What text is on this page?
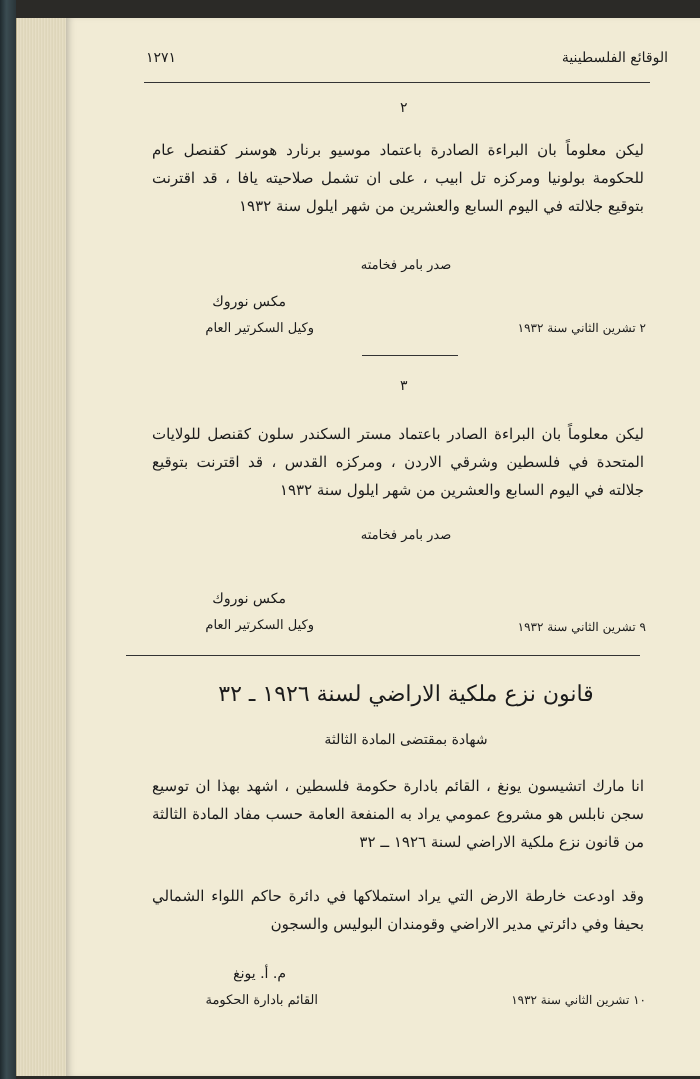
الوقائع الفلسطينية
١٢٧١
٢
ليكن معلوماً بان البراءة الصادرة باعتماد موسيو برنارد هوسنر كقنصل عام للحكومة بولونيا ومركزه تل ابيب ، على ان تشمل صلاحيته يافا ، قد اقترنت بتوقيع جلالته في اليوم السابع والعشرين من شهر ايلول سنة ١٩٣٢
صدر بامر فخامته
مكس نوروك
وكيل السكرتير العام	٢ تشرين الثاني سنة ١٩٣٢
٣
ليكن معلوماً بان البراءة الصادر باعتماد مستر السكندر سلون كقنصل للولايات المتحدة في فلسطين وشرقي الاردن ، ومركزه القدس ، قد اقترنت بتوقيع جلالته في اليوم السابع والعشرين من شهر ايلول سنة ١٩٣٢
صدر بامر فخامته
مكس نوروك
وكيل السكرتير العام	٩ تشرين الثاني سنة ١٩٣٢
قانون نزع ملكية الاراضي لسنة ١٩٢٦ ـ ٣٢
شهادة بمقتضى المادة الثالثة
انا مارك اتشيسون يونغ ، القائم بادارة حكومة فلسطين ، اشهد بهذا ان توسيع سجن نابلس هو مشروع عمومي يراد به المنفعة العامة حسب مفاد المادة الثالثة من قانون نزع ملكية الاراضي لسنة ١٩٢٦ ــ ٣٢
وقد اودعت خارطة الارض التي يراد استملاكها في دائرة حاكم اللواء الشمالي بحيفا وفي دائرتي مدير الاراضي وقومندان البوليس والسجون
م. أ. يونغ
القائم بادارة الحكومة	١٠ تشرين الثاني سنة ١٩٣٢
